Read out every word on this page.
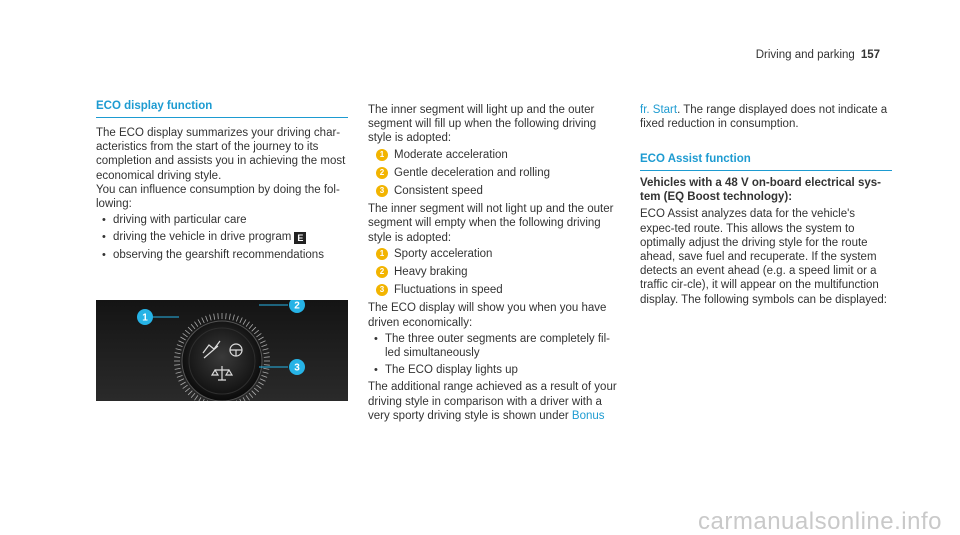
Driving and parking 157
ECO display function

The ECO display summarizes your driving char-acteristics from the start of the journey to its completion and assists you in achieving the most economical driving style.

You can influence consumption by doing the fol-lowing:

• driving with particular care
• driving the vehicle in drive program E
• observing the gearshift recommendations
1
2
3

The inner segment will light up and the outer segment will fill up when the following driving style is adopted:

1 Moderate acceleration
2 Gentle deceleration and rolling
3 Consistent speed

The inner segment will not light up and the outer segment will empty when the following driving style is adopted:

1 Sporty acceleration
2 Heavy braking
3 Fluctuations in speed

The ECO display will show you when you have driven economically:

• The three outer segments are completely fil-led simultaneously
• The ECO display lights up

The additional range achieved as a result of your driving style in comparison with a driver with a very sporty driving style is shown under Bonus

fr. Start. The range displayed does not indicate a fixed reduction in consumption.

ECO Assist function

Vehicles with a 48 V on-board electrical sys-tem (EQ Boost technology):

ECO Assist analyzes data for the vehicle's expec-ted route. This allows the system to optimally adjust the driving style for the route ahead, save fuel and recuperate. If the system detects an event ahead (e.g. a speed limit or a traffic cir-cle), it will appear on the multifunction display. The following symbols can be displayed:

carmanualsonline.info
